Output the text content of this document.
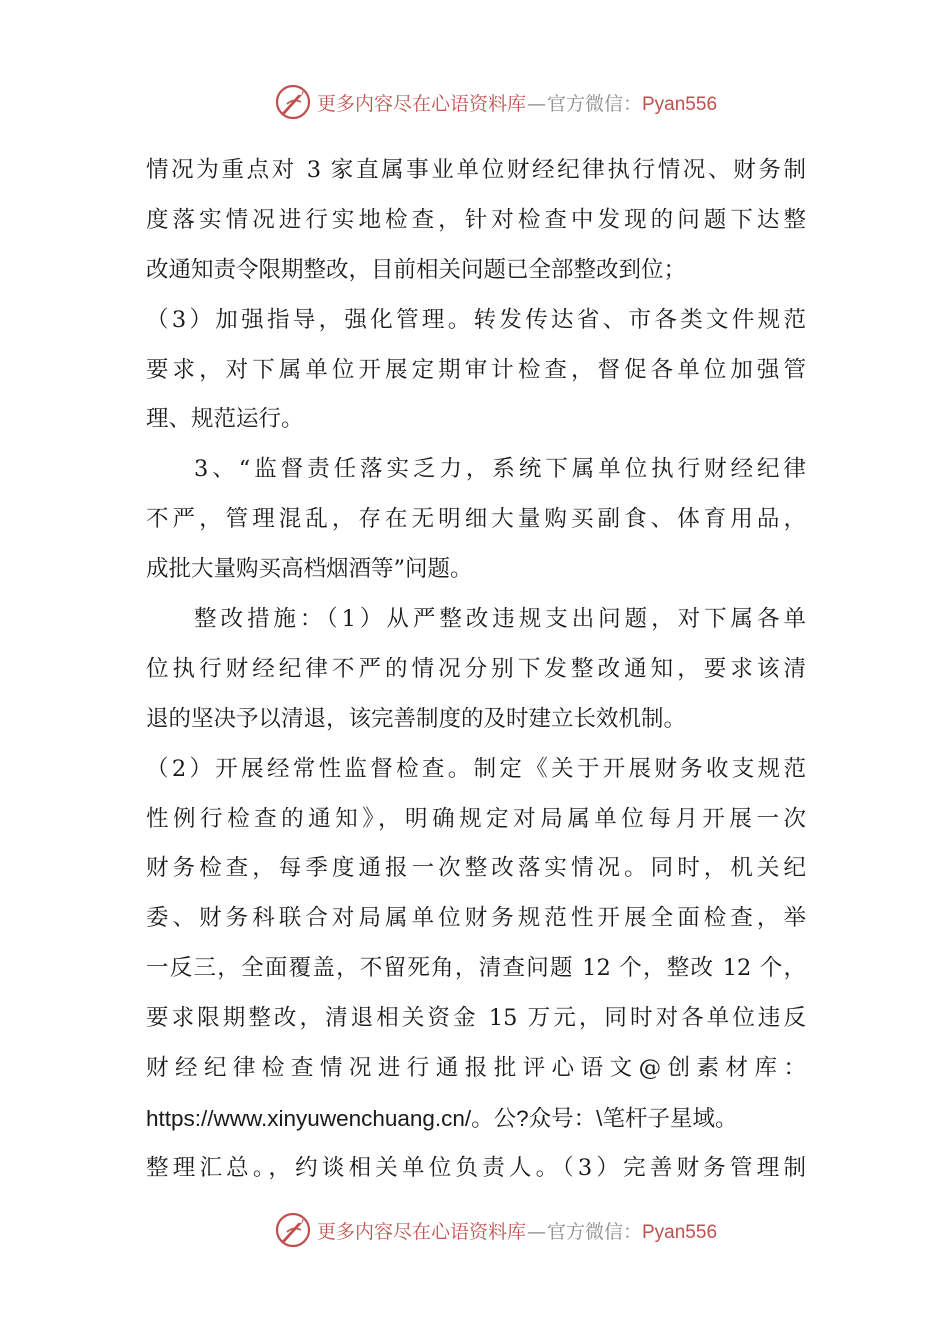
更多内容尽在心语资料库—官方微信：Pyan556
情况为重点对 3 家直属事业单位财经纪律执行情况、财务制
度落实情况进行实地检查，针对检查中发现的问题下达整
改通知责令限期整改，目前相关问题已全部整改到位；
（3）加强指导，强化管理。转发传达省、市各类文件规范
要求，对下属单位开展定期审计检查，督促各单位加强管
理、规范运行。
3、“监督责任落实乏力，系统下属单位执行财经纪律
不严，管理混乱，存在无明细大量购买副食、体育用品，
成批大量购买高档烟酒等”问题。
整改措施：（1）从严整改违规支出问题，对下属各单
位执行财经纪律不严的情况分别下发整改通知，要求该清
退的坚决予以清退，该完善制度的及时建立长效机制。
（2）开展经常性监督检查。制定《关于开展财务收支规范
性例行检查的通知》，明确规定对局属单位每月开展一次
财务检查，每季度通报一次整改落实情况。同时，机关纪
委、财务科联合对局属单位财务规范性开展全面检查，举
一反三，全面覆盖，不留死角，清查问题 12 个，整改 12 个，
要求限期整改，清退相关资金 15 万元，同时对各单位违反
财经纪律检查情况进行通报批评心语文@创素材库：
https://www.xinyuwenchuang.cn/。公?众号：\笔杆子星域。
整理汇总。，约谈相关单位负责人。（3）完善财务管理制
更多内容尽在心语资料库—官方微信：Pyan556
